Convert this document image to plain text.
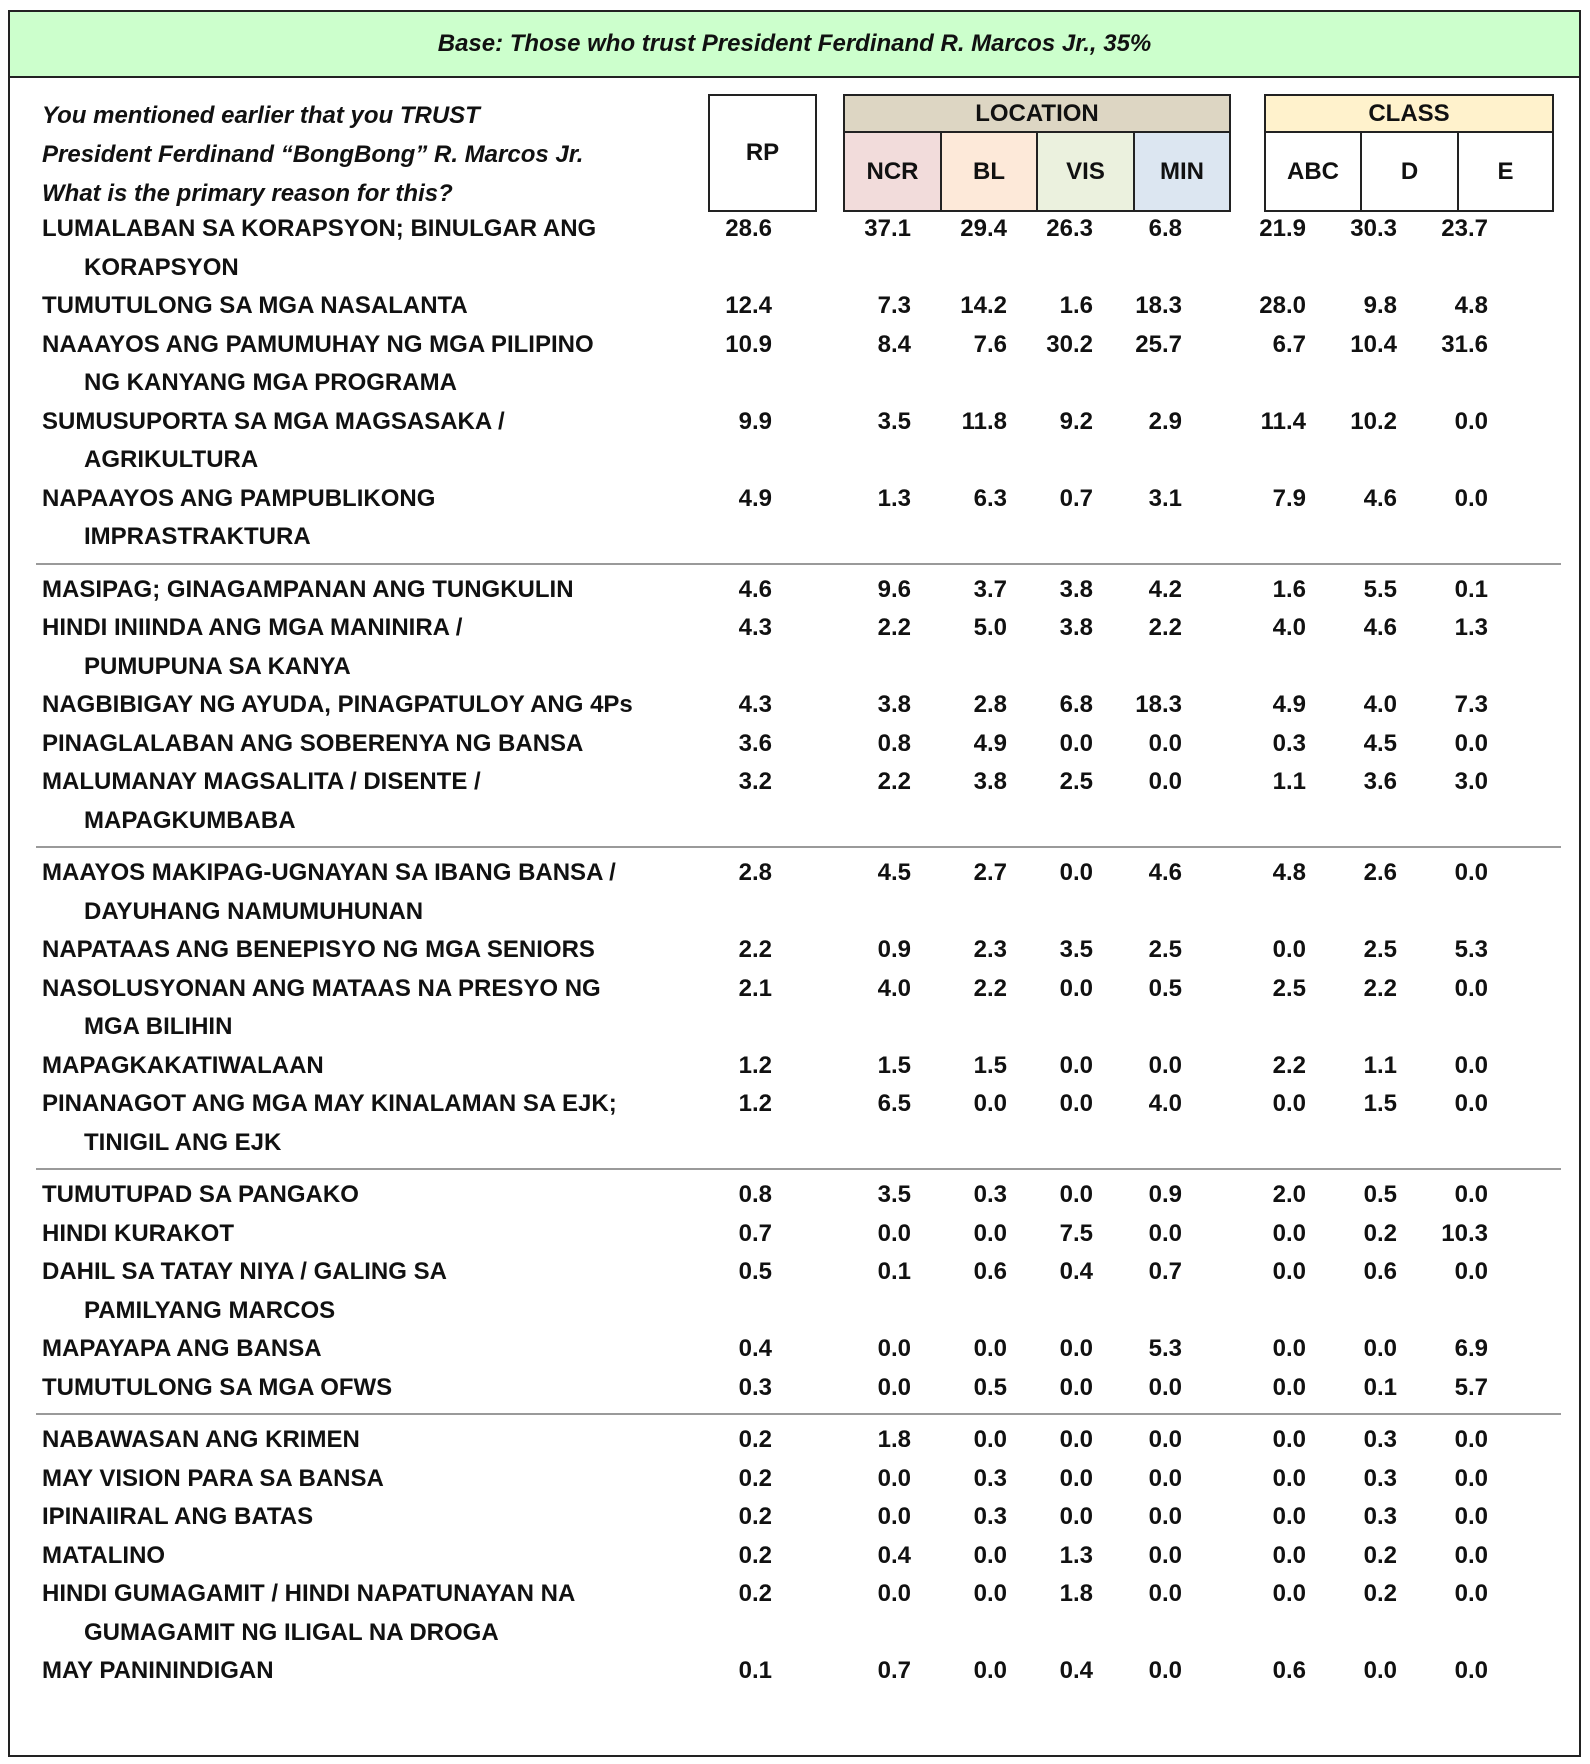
Base: Those who trust President Ferdinand R. Marcos Jr., 35%
You mentioned earlier that you TRUST
President Ferdinand “BongBong” R. Marcos Jr.
What is the primary reason for this?
RP
LOCATION
NCR	BL	VIS	MIN
CLASS
ABC	D	E
LUMALABAN SA KORAPSYON; BINULGAR ANG
KORAPSYON
28.6	37.1	29.4	26.3	6.8	21.9	30.3	23.7
TUMUTULONG SA MGA NASALANTA	12.4	7.3	14.2	1.6	18.3	28.0	9.8	4.8
NAAAYOS ANG PAMUMUHAY NG MGA PILIPINO
NG KANYANG MGA PROGRAMA
10.9	8.4	7.6	30.2	25.7	6.7	10.4	31.6
SUMUSUPORTA SA MGA MAGSASAKA /
AGRIKULTURA
9.9	3.5	11.8	9.2	2.9	11.4	10.2	0.0
NAPAAYOS ANG PAMPUBLIKONG
IMPRASTRAKTURA
4.9	1.3	6.3	0.7	3.1	7.9	4.6	0.0
MASIPAG; GINAGAMPANAN ANG TUNGKULIN	4.6	9.6	3.7	3.8	4.2	1.6	5.5	0.1
HINDI INIINDA ANG MGA MANINIRA /
PUMUPUNA SA KANYA
4.3	2.2	5.0	3.8	2.2	4.0	4.6	1.3
NAGBIBIGAY NG AYUDA, PINAGPATULOY ANG 4Ps	4.3	3.8	2.8	6.8	18.3	4.9	4.0	7.3
PINAGLALABAN ANG SOBERENYA NG BANSA	3.6	0.8	4.9	0.0	0.0	0.3	4.5	0.0
MALUMANAY MAGSALITA / DISENTE /
MAPAGKUMBABA
3.2	2.2	3.8	2.5	0.0	1.1	3.6	3.0
MAAYOS MAKIPAG-UGNAYAN SA IBANG BANSA /
DAYUHANG NAMUMUHUNAN
2.8	4.5	2.7	0.0	4.6	4.8	2.6	0.0
NAPATAAS ANG BENEPISYO NG MGA SENIORS	2.2	0.9	2.3	3.5	2.5	0.0	2.5	5.3
NASOLUSYONAN ANG MATAAS NA PRESYO NG
MGA BILIHIN
2.1	4.0	2.2	0.0	0.5	2.5	2.2	0.0
MAPAGKAKATIWALAAN	1.2	1.5	1.5	0.0	0.0	2.2	1.1	0.0
PINANAGOT ANG MGA MAY KINALAMAN SA EJK;
TINIGIL ANG EJK
1.2	6.5	0.0	0.0	4.0	0.0	1.5	0.0
TUMUTUPAD SA PANGAKO	0.8	3.5	0.3	0.0	0.9	2.0	0.5	0.0
HINDI KURAKOT	0.7	0.0	0.0	7.5	0.0	0.0	0.2	10.3
DAHIL SA TATAY NIYA / GALING SA
PAMILYANG MARCOS
0.5	0.1	0.6	0.4	0.7	0.0	0.6	0.0
MAPAYAPA ANG BANSA	0.4	0.0	0.0	0.0	5.3	0.0	0.0	6.9
TUMUTULONG SA MGA OFWS	0.3	0.0	0.5	0.0	0.0	0.0	0.1	5.7
NABAWASAN ANG KRIMEN	0.2	1.8	0.0	0.0	0.0	0.0	0.3	0.0
MAY VISION PARA SA BANSA	0.2	0.0	0.3	0.0	0.0	0.0	0.3	0.0
IPINAIIRAL ANG BATAS	0.2	0.0	0.3	0.0	0.0	0.0	0.3	0.0
MATALINO	0.2	0.4	0.0	1.3	0.0	0.0	0.2	0.0
HINDI GUMAGAMIT / HINDI NAPATUNAYAN NA
GUMAGAMIT NG ILIGAL NA DROGA
0.2	0.0	0.0	1.8	0.0	0.0	0.2	0.0
MAY PANININDIGAN	0.1	0.7	0.0	0.4	0.0	0.6	0.0	0.0
